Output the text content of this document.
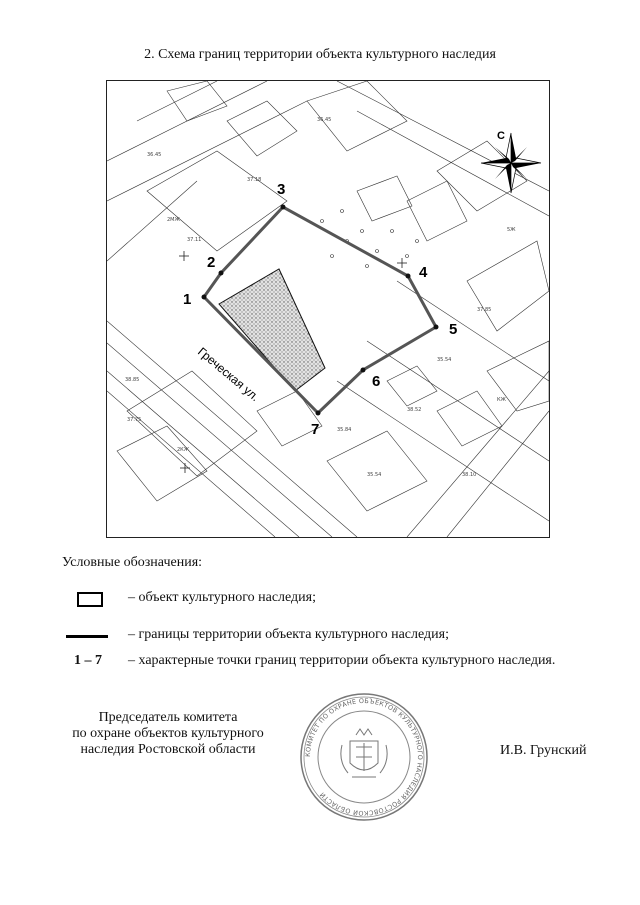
2. Схема границ территории объекта культурного наследия
36.45
36.45
37.11
37.18
35.54
38.52
35.54
38.85
37.75
38.10
35.84
37.85
2МЖ
2КЖ
5Ж
КЖ
1
2
3
4
5
6
7
Греческая ул.
С
Условные обозначения:
– объект культурного наследия;
– границы территории объекта культурного наследия;
1 – 7 – характерные точки границ территории объекта культурного наследия.
Председатель комитета
по охране объектов культурного
наследия Ростовской области	КОМИТЕТ ПО ОХРАНЕ ОБЪЕКТОВ КУЛЬТУРНОГО НАСЛЕДИЯ РОСТОВСКОЙ ОБЛАСТИ
И.В. Грунский
